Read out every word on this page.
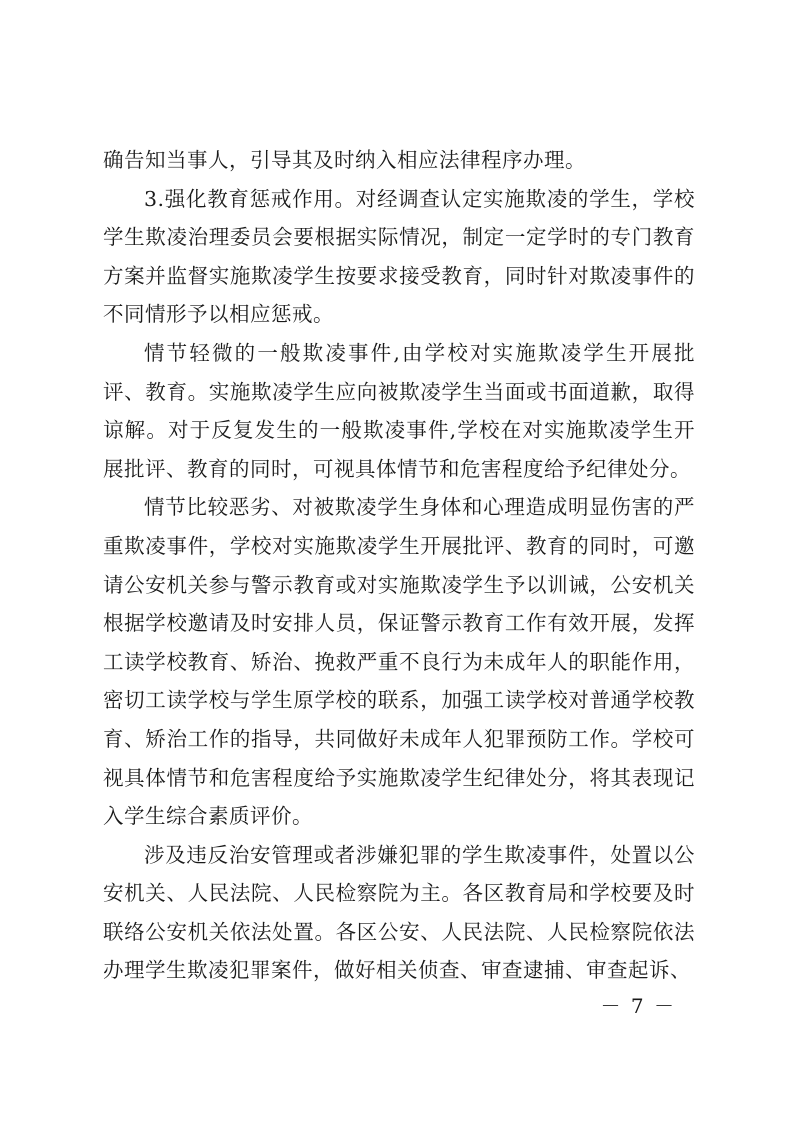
确告知当事人，引导其及时纳入相应法律程序办理。

3.强化教育惩戒作用。对经调查认定实施欺凌的学生，学校学生欺凌治理委员会要根据实际情况，制定一定学时的专门教育方案并监督实施欺凌学生按要求接受教育，同时针对欺凌事件的不同情形予以相应惩戒。

情节轻微的一般欺凌事件,由学校对实施欺凌学生开展批评、教育。实施欺凌学生应向被欺凌学生当面或书面道歉，取得谅解。对于反复发生的一般欺凌事件,学校在对实施欺凌学生开展批评、教育的同时，可视具体情节和危害程度给予纪律处分。

情节比较恶劣、对被欺凌学生身体和心理造成明显伤害的严重欺凌事件，学校对实施欺凌学生开展批评、教育的同时，可邀请公安机关参与警示教育或对实施欺凌学生予以训诫，公安机关根据学校邀请及时安排人员，保证警示教育工作有效开展，发挥工读学校教育、矫治、挽救严重不良行为未成年人的职能作用，密切工读学校与学生原学校的联系，加强工读学校对普通学校教育、矫治工作的指导，共同做好未成年人犯罪预防工作。学校可视具体情节和危害程度给予实施欺凌学生纪律处分，将其表现记入学生综合素质评价。

涉及违反治安管理或者涉嫌犯罪的学生欺凌事件，处置以公安机关、人民法院、人民检察院为主。各区教育局和学校要及时联络公安机关依法处置。各区公安、人民法院、人民检察院依法办理学生欺凌犯罪案件，做好相关侦查、审查逮捕、审查起诉、

－ 7 －
